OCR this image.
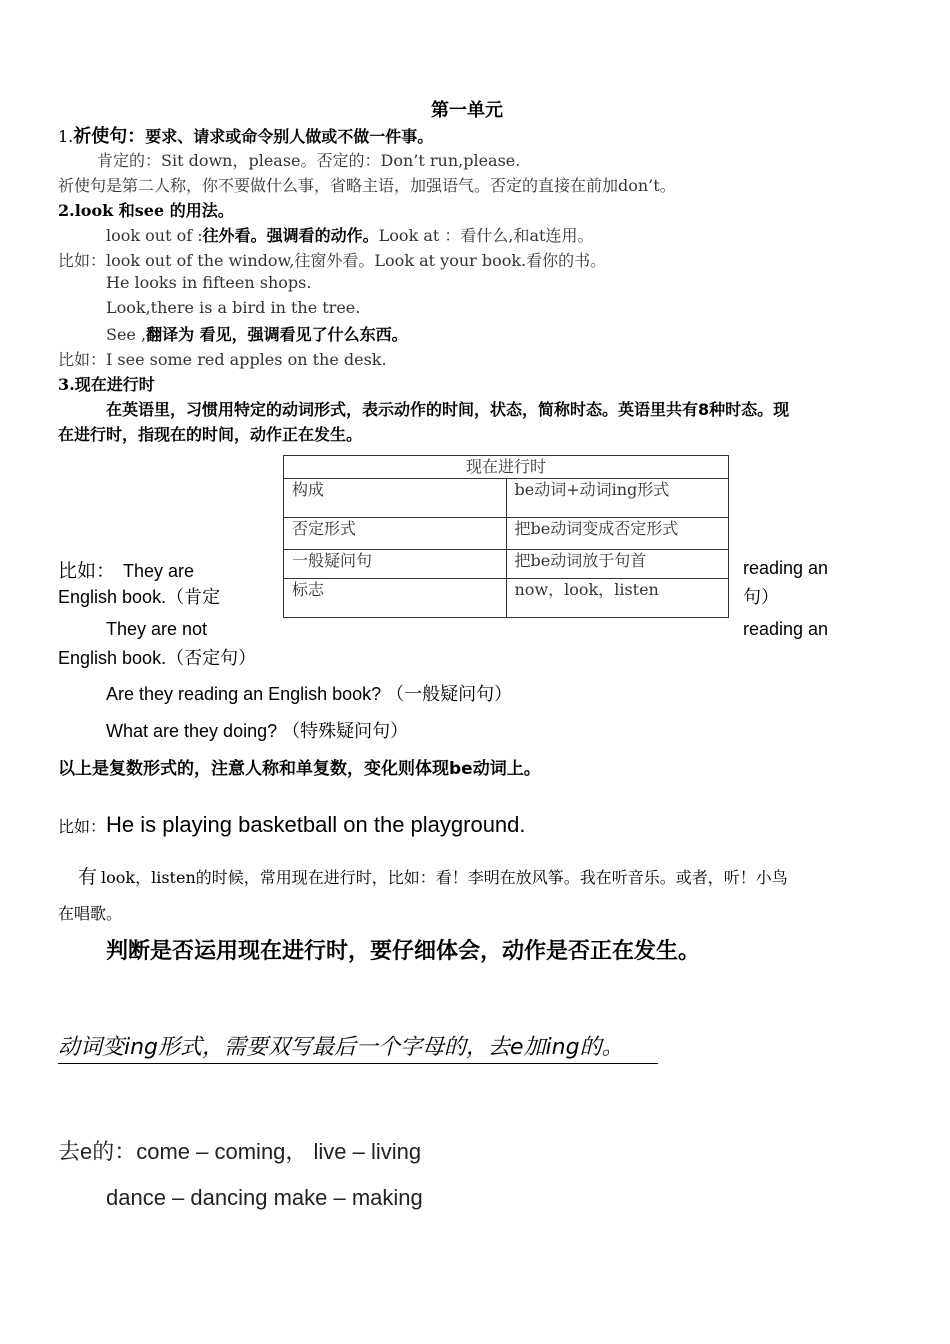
第一单元
1.祈使句：要求、请求或命令别人做或不做一件事。
肯定的：Sit down，please。否定的：Don’t run,please.
祈使句是第二人称，你不要做什么事，省略主语，加强语气。否定的直接在前加don’t。
2.look 和see 的用法。
look out of :往外看。强调看的动作。Look at ：看什么,和at连用。
比如：look out of the window,往窗外看。Look at your book.看你的书。
He looks in fifteen shops.
Look,there is a bird in the tree.
See ,翻译为 看见，强调看见了什么东西。
比如：I see some red apples on the desk.
3.现在进行时
在英语里，习惯用特定的动词形式，表示动作的时间，状态，简称时态。英语里共有8种时态。现
在进行时，指现在的时间，动作正在发生。
现在进行时	
构成	be动词+动词ing形式
否定形式	把be动词变成否定形式
一般疑问句	把be动词放于句首
标志	now，look，listen
比如： They are	reading an
English book.（肯定	句）
They are not	reading an
English book.（否定句）
Are they reading an English book? （一般疑问句）
What are they doing? （特殊疑问句）
以上是复数形式的，注意人称和单复数，变化则体现be动词上。
比如：He is playing basketball on the playground.
有 look，listen的时候，常用现在进行时，比如：看！李明在放风筝。我在听音乐。或者，听！小鸟
在唱歌。
判断是否运用现在进行时，要仔细体会，动作是否正在发生。
动词变ing形式，需要双写最后一个字母的，去e加ing的。
去e的：come – coming， live – living
dance – dancing make – making
